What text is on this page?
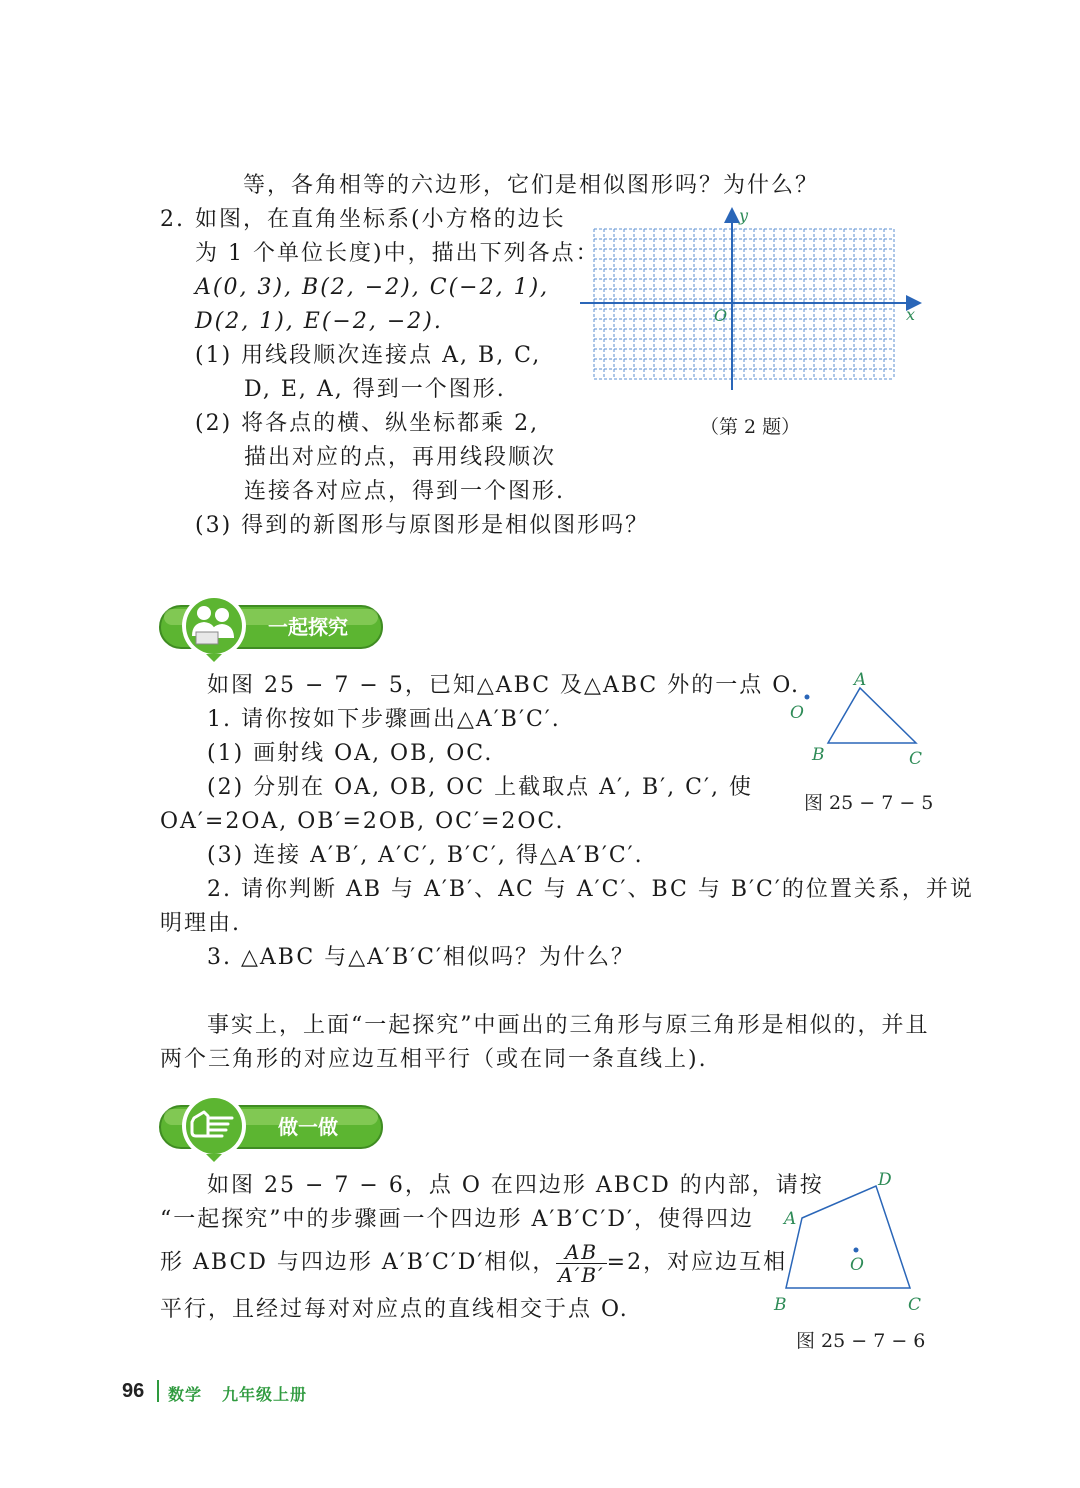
等，各角相等的六边形，它们是相似图形吗？为什么？
2. 如图，在直角坐标系(小方格的边长
为 1 个单位长度)中，描出下列各点：
A(0, 3), B(2, −2), C(−2, 1),
D(2, 1), E(−2, −2).
(1) 用线段顺次连接点 A, B, C,
D, E, A, 得到一个图形.
(2) 将各点的横、纵坐标都乘 2,
描出对应的点，再用线段顺次
连接各对应点，得到一个图形.
(3) 得到的新图形与原图形是相似图形吗？
y
x
O
（第 2 题）
一起探究
如图 25 − 7 − 5，已知△ABC 及△ABC 外的一点 O.
1. 请你按如下步骤画出△A′B′C′.
(1) 画射线 OA, OB, OC.
(2) 分别在 OA, OB, OC 上截取点 A′, B′, C′, 使
OA′=2OA, OB′=2OB, OC′=2OC.
(3) 连接 A′B′, A′C′, B′C′, 得△A′B′C′.
2. 请你判断 AB 与 A′B′、AC 与 A′C′、BC 与 B′C′的位置关系，并说
明理由.
3. △ABC 与△A′B′C′相似吗？为什么？
O
A
B	C
图 25 − 7 − 5
事实上，上面“一起探究”中画出的三角形与原三角形是相似的，并且
两个三角形的对应边互相平行（或在同一条直线上).
做一做
如图 25 − 7 − 6，点 O 在四边形 ABCD 的内部，请按
“一起探究”中的步骤画一个四边形 A′B′C′D′，使得四边
形 ABCD 与四边形 A′B′C′D′相似， $\frac{AB}{A'B'} =2$，对应边互相
平行，且经过每对对应点的直线相交于点 O.
O
A
D
B	C
图 25 − 7 − 6
96 数学 九年级上册
